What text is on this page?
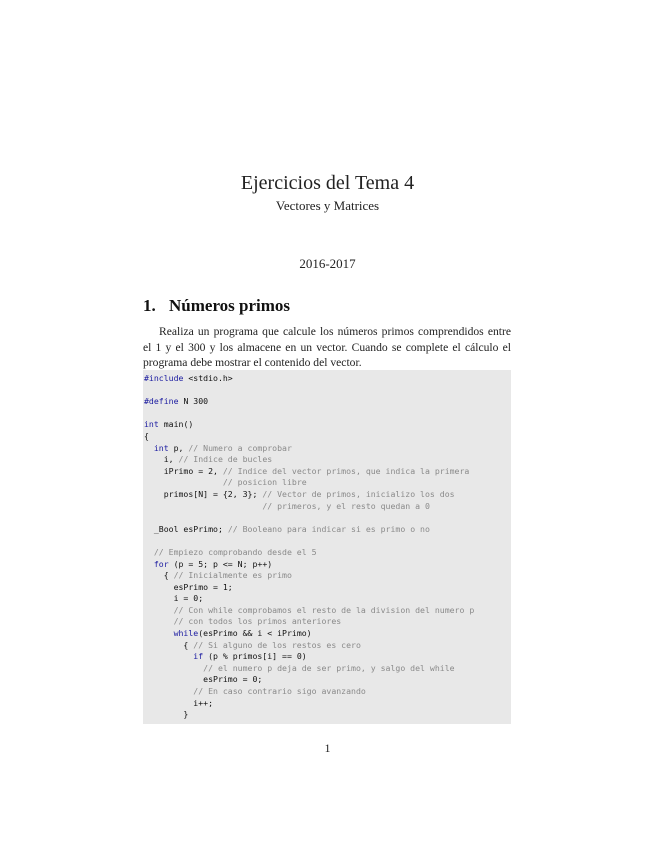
Ejercicios del Tema 4
Vectores y Matrices
2016-2017
1. Números primos
Realiza un programa que calcule los números primos comprendidos entre el 1 y el 300 y los almacene en un vector. Cuando se complete el cálculo el programa debe mostrar el contenido del vector.
#include <stdio.h>

#define N 300

int main()
{
int p, // Numero a comprobar
i, // Indice de bucles
iPrimo = 2, // Indice del vector primos, que indica la primera
// posicion libre
primos[N] = {2, 3}; // Vector de primos, inicializo los dos
// primeros, y el resto quedan a 0

_Bool esPrimo; // Booleano para indicar si es primo o no

// Empiezo comprobando desde el 5
for (p = 5; p <= N; p++)
{ // Inicialmente es primo
esPrimo = 1;
i = 0;
// Con while comprobamos el resto de la division del numero p
// con todos los primos anteriores
while(esPrimo && i < iPrimo)
{ // Si alguno de los restos es cero
if (p % primos[i] == 0)
// el numero p deja de ser primo, y salgo del while
esPrimo = 0;
// En caso contrario sigo avanzando
i++;
}
1
